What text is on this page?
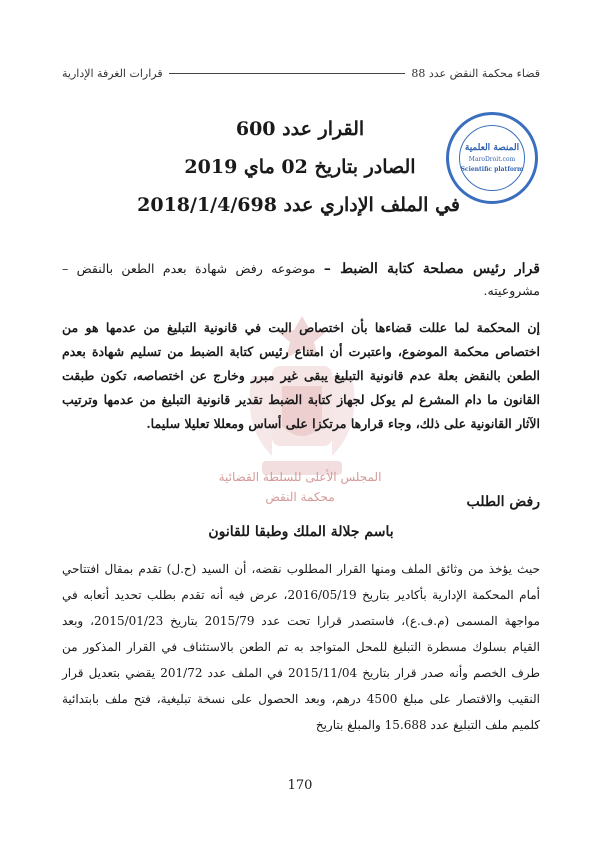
قضاء محكمة النقض عدد 88
قرارات الغرفة الإدارية
القرار عدد 600
الصادر بتاريخ 02 ماي 2019
في الملف الإداري عدد 2018/1/4/698
المنصة العلمية
MaroDroit.com
Scientific platform
المجلس الأعلى للسلطة القضائية
محكمة النقض
قرار رئيس مصلحة كتابة الضبط – موضوعه رفض شهادة بعدم الطعن بالنقض – مشروعيته.
إن المحكمة لما عللت قضاءها بأن اختصاص البت في قانونية التبليغ من عدمها هو من اختصاص محكمة الموضوع، واعتبرت أن امتناع رئيس كتابة الضبط من تسليم شهادة بعدم الطعن بالنقض بعلة عدم قانونية التبليغ يبقى غير مبرر وخارج عن اختصاصه، تكون طبقت القانون ما دام المشرع لم يوكل لجهاز كتابة الضبط تقدير قانونية التبليغ من عدمها وترتيب الآثار القانونية على ذلك، وجاء قرارها مرتكزا على أساس ومعللا تعليلا سليما.
رفض الطلب
باسم جلالة الملك وطبقا للقانون
حيث يؤخذ من وثائق الملف ومنها القرار المطلوب نقضه، أن السيد (ح.ل) تقدم بمقال افتتاحي أمام المحكمة الإدارية بأكادير بتاريخ 2016/05/19، عرض فيه أنه تقدم بطلب تحديد أتعابه في مواجهة المسمى (م.ف.ع)، فاستصدر قرارا تحت عدد 2015/79 بتاريخ 2015/01/23، وبعد القيام بسلوك مسطرة التبليغ للمحل المتواجد به تم الطعن بالاستئناف في القرار المذكور من طرف الخصم وأنه صدر قرار بتاريخ 2015/11/04 في الملف عدد 201/72 يقضي بتعديل قرار النقيب والاقتصار على مبلغ 4500 درهم، وبعد الحصول على نسخة تبليغية، فتح ملف بابتدائية كلميم ملف التبليغ عدد 15.688 والمبلغ بتاريخ
170
